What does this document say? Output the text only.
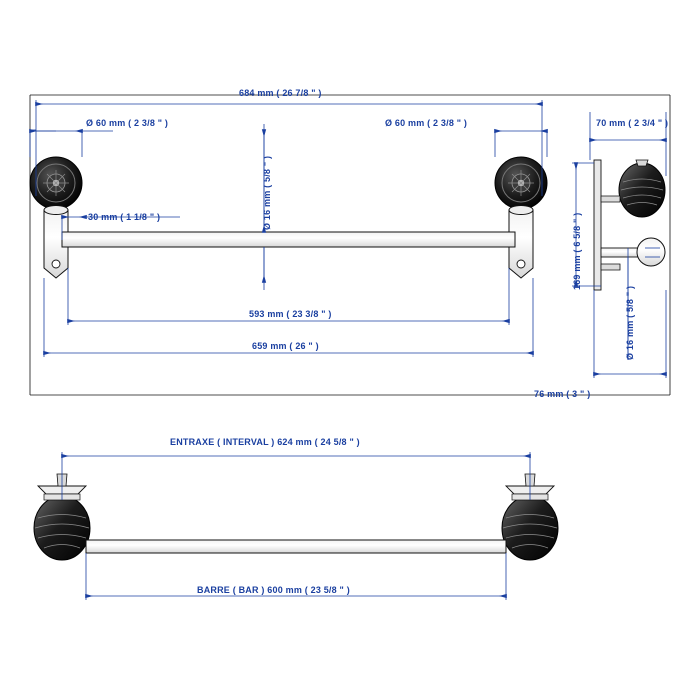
684 mm ( 26 7/8 " )
Ø 60 mm ( 2 3/8 " )	Ø 60 mm ( 2 3/8 " )
Ø 16 mm ( 5/8 " )
30 mm ( 1 1/8 " )
593 mm ( 23 3/8 " )
659 mm ( 26 " )
70 mm ( 2 3/4 " )
169 mm ( 6 5/8 " )
Ø 16 mm ( 5/8 " )
76 mm ( 3 " )
ENTRAXE ( INTERVAL ) 624 mm ( 24 5/8 " )
BARRE ( BAR ) 600 mm ( 23 5/8 " )
